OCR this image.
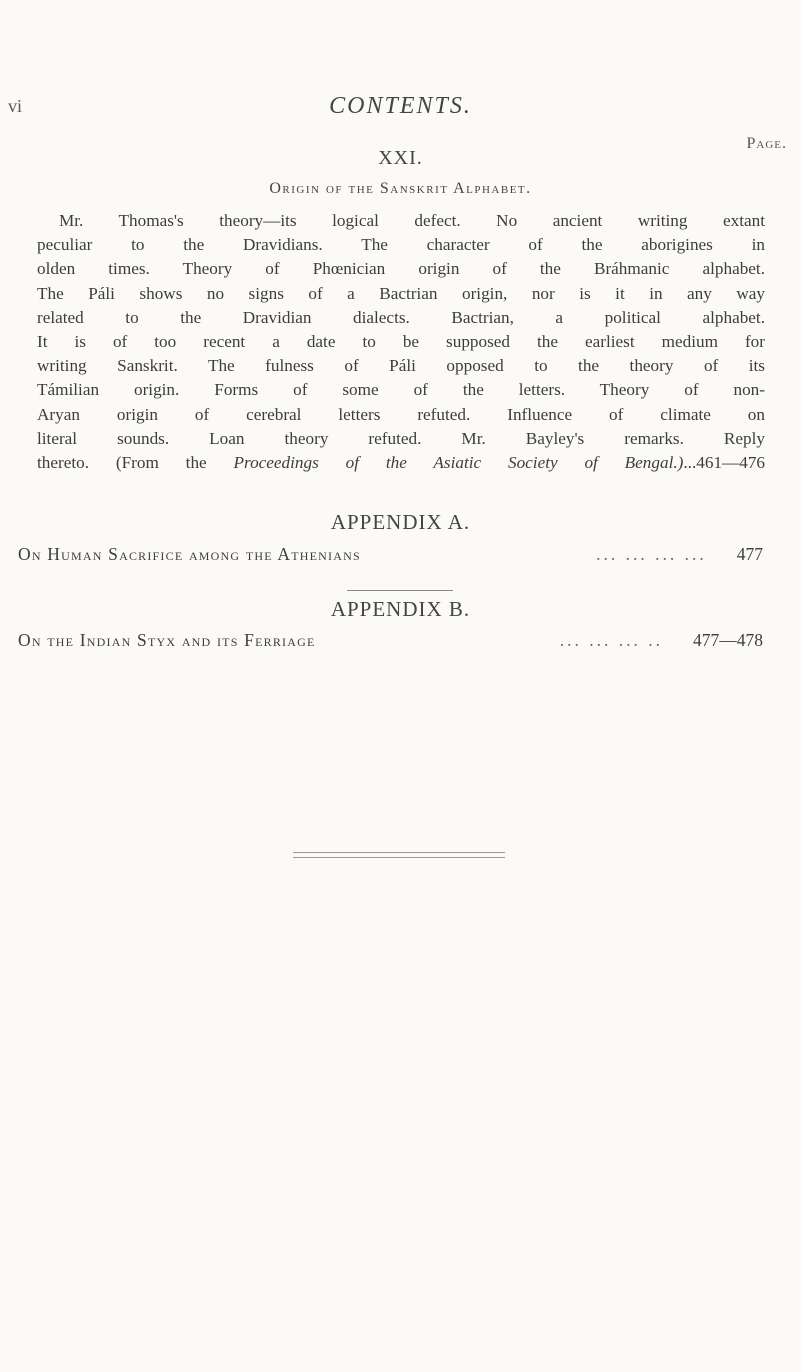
vi	CONTENTS.
Page.
XXI.
Origin of the Sanskrit Alphabet.
Mr. Thomas's theory—its logical defect. No ancient writing extant
peculiar to the Dravidians. The character of the aborigines in
olden times. Theory of Phœnician origin of the Bráhmanic alphabet.
The Páli shows no signs of a Bactrian origin, nor is it in any way
related to the Dravidian dialects. Bactrian, a political alphabet.
It is of too recent a date to be supposed the earliest medium for
writing Sanskrit. The fulness of Páli opposed to the theory of its
Támilian origin. Forms of some of the letters. Theory of non-
Aryan origin of cerebral letters refuted. Influence of climate on
literal sounds. Loan theory refuted. Mr. Bayley's remarks. Reply
thereto. (From the Proceedings of the Asiatic Society of Bengal.)...461—476
APPENDIX A.
On Human Sacrifice among the Athenians	... ... ... ...	477
APPENDIX B.
On the Indian Styx and its Ferriage	... ... ... ..	477—478
